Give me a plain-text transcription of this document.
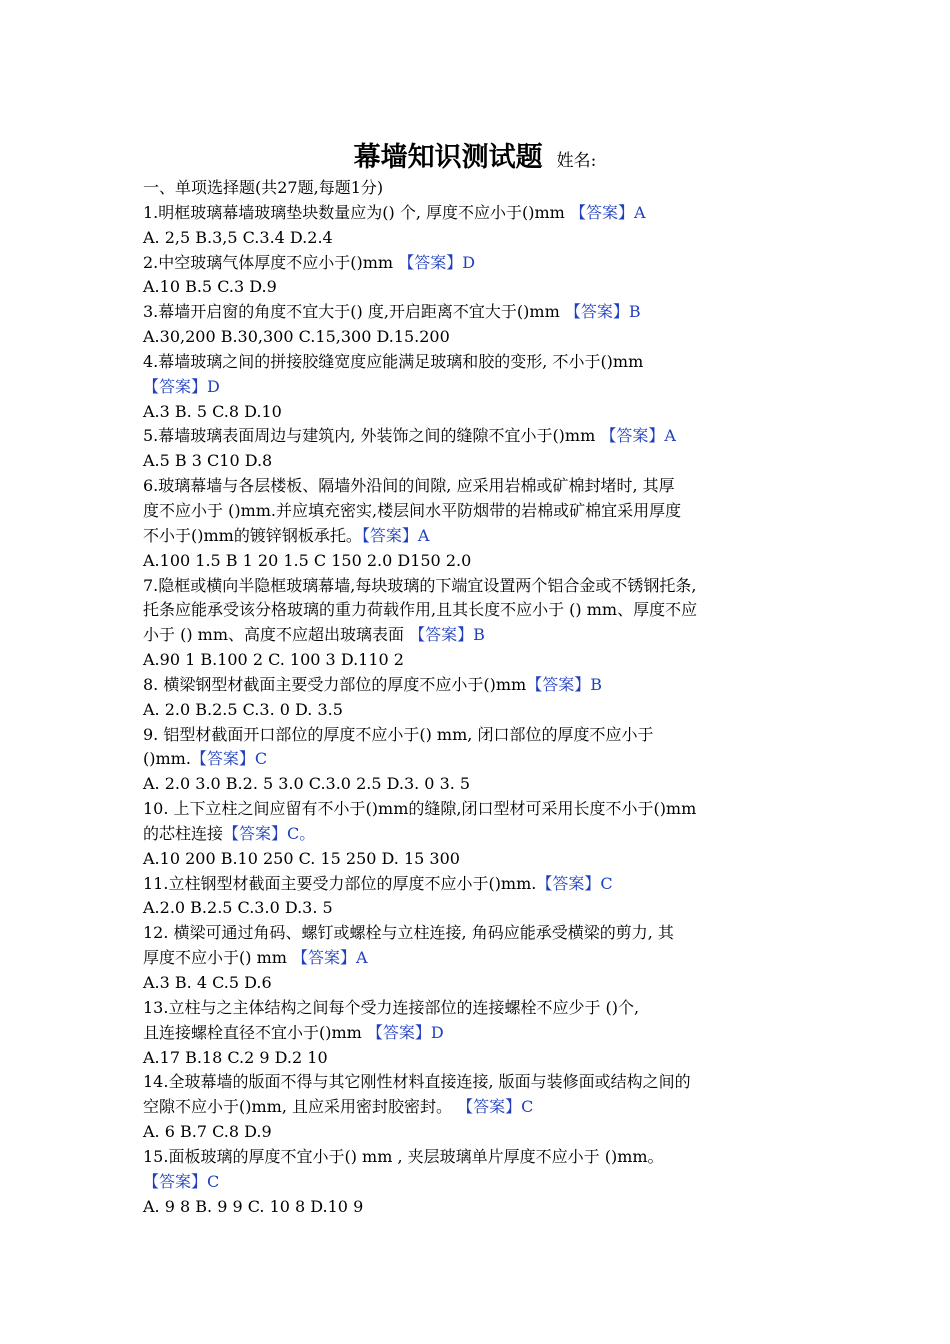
幕墙知识测试题 姓名:
一、单项选择题(共27题,每题1分)
1.明框玻璃幕墙玻璃垫块数量应为() 个, 厚度不应小于()mm 【答案】A
A. 2,5 B.3,5 C.3.4 D.2.4
2.中空玻璃气体厚度不应小于()mm 【答案】D
A.10 B.5 C.3 D.9
3.幕墙开启窗的角度不宜大于() 度,开启距离不宜大于()mm 【答案】B
A.30,200 B.30,300 C.15,300 D.15.200
4.幕墙玻璃之间的拼接胶缝宽度应能满足玻璃和胶的变形, 不小于()mm
【答案】D
A.3 B. 5 C.8 D.10
5.幕墙玻璃表面周边与建筑内, 外装饰之间的缝隙不宜小于()mm 【答案】A
A.5 B 3 C10 D.8
6.玻璃幕墙与各层楼板、隔墙外沿间的间隙, 应采用岩棉或矿棉封堵时, 其厚
度不应小于 ()mm.并应填充密实,楼层间水平防烟带的岩棉或矿棉宜采用厚度
不小于()mm的镀锌钢板承托。【答案】A
A.100 1.5 B 1 20 1.5 C 150 2.0 D150 2.0
7.隐框或横向半隐框玻璃幕墙,每块玻璃的下端宜设置两个铝合金或不锈钢托条,
托条应能承受该分格玻璃的重力荷载作用,且其长度不应小于 () mm、厚度不应
小于 () mm、高度不应超出玻璃表面 【答案】B
A.90 1 B.100 2 C. 100 3 D.110 2
8. 横梁钢型材截面主要受力部位的厚度不应小于()mm【答案】B
A. 2.0 B.2.5 C.3. 0 D. 3.5
9. 铝型材截面开口部位的厚度不应小于() mm, 闭口部位的厚度不应小于
()mm.【答案】C
A. 2.0 3.0 B.2. 5 3.0 C.3.0 2.5 D.3. 0 3. 5
10. 上下立柱之间应留有不小于()mm的缝隙,闭口型材可采用长度不小于()mm
的芯柱连接【答案】C。
A.10 200 B.10 250 C. 15 250 D. 15 300
11.立柱钢型材截面主要受力部位的厚度不应小于()mm.【答案】C
A.2.0 B.2.5 C.3.0 D.3. 5
12. 横梁可通过角码、螺钉或螺栓与立柱连接, 角码应能承受横梁的剪力, 其
厚度不应小于() mm 【答案】A
A.3 B. 4 C.5 D.6
13.立柱与之主体结构之间每个受力连接部位的连接螺栓不应少于 ()个,
且连接螺栓直径不宜小于()mm 【答案】D
A.17 B.18 C.2 9 D.2 10
14.全玻幕墙的版面不得与其它刚性材料直接连接, 版面与装修面或结构之间的
空隙不应小于()mm, 且应采用密封胶密封。 【答案】C
A. 6 B.7 C.8 D.9
15.面板玻璃的厚度不宜小于() mm , 夹层玻璃单片厚度不应小于 ()mm。
【答案】C
A. 9 8 B. 9 9 C. 10 8 D.10 9
